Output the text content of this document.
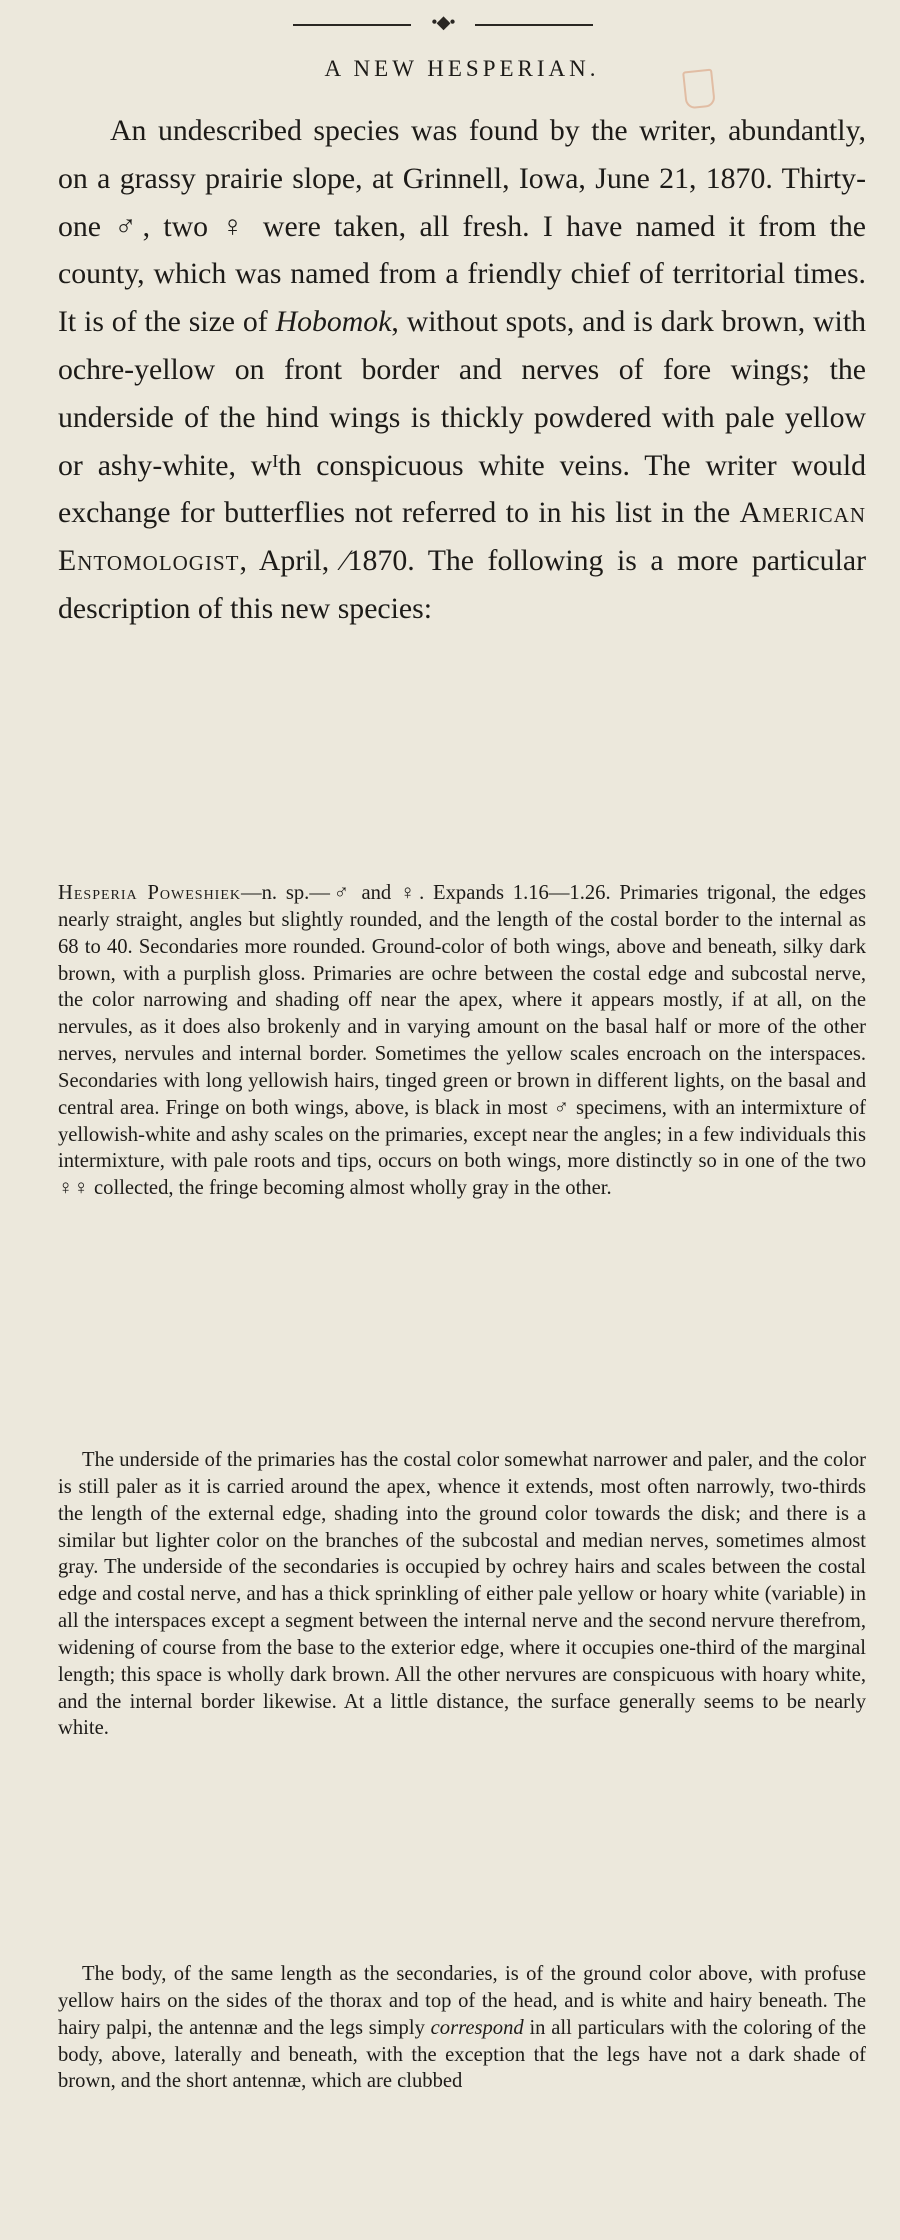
•◆•
A NEW HESPERIAN.

An undescribed species was found by the writer, abundantly, on a grassy prairie slope, at Grinnell, Iowa, June 21, 1870. Thirty-one ♂, two ♀ were taken, all fresh. I have named it from the county, which was named from a friendly chief of territorial times. It is of the size of Hobomok, without spots, and is dark brown, with ochre-yellow on front border and nerves of fore wings; the underside of the hind wings is thickly powdered with pale yellow or ashy-white, wᴵth conspicuous white veins. The writer would exchange for butterflies not referred to in his list in the American Entomologist, April, ⁄1870. The following is a more particular description of this new species:

Hesperia Poweshiek—n. sp.—♂ and ♀. Expands 1.16—1.26. Primaries trigonal, the edges nearly straight, angles but slightly rounded, and the length of the costal border to the internal as 68 to 40. Secondaries more rounded. Ground-color of both wings, above and beneath, silky dark brown, with a purplish gloss. Primaries are ochre between the costal edge and subcostal nerve, the color narrowing and shading off near the apex, where it appears mostly, if at all, on the nervules, as it does also brokenly and in varying amount on the basal half or more of the other nerves, nervules and internal border. Sometimes the yellow scales encroach on the interspaces. Secondaries with long yellowish hairs, tinged green or brown in different lights, on the basal and central area. Fringe on both wings, above, is black in most ♂ specimens, with an intermixture of yellowish-white and ashy scales on the primaries, except near the angles; in a few individuals this intermixture, with pale roots and tips, occurs on both wings, more distinctly so in one of the two ♀♀ collected, the fringe becoming almost wholly gray in the other.

The underside of the primaries has the costal color somewhat narrower and paler, and the color is still paler as it is carried around the apex, whence it extends, most often narrowly, two-thirds the length of the external edge, shading into the ground color towards the disk; and there is a similar but lighter color on the branches of the subcostal and median nerves, sometimes almost gray. The underside of the secondaries is occupied by ochrey hairs and scales between the costal edge and costal nerve, and has a thick sprinkling of either pale yellow or hoary white (variable) in all the interspaces except a segment between the internal nerve and the second nervure therefrom, widening of course from the base to the exterior edge, where it occupies one-third of the marginal length; this space is wholly dark brown. All the other nervures are conspicuous with hoary white, and the internal border likewise. At a little distance, the surface generally seems to be nearly white.

The body, of the same length as the secondaries, is of the ground color above, with profuse yellow hairs on the sides of the thorax and top of the head, and is white and hairy beneath. The hairy palpi, the antennæ and the legs simply correspond in all particulars with the coloring of the body, above, laterally and beneath, with the exception that the legs have not a dark shade of brown, and the short antennæ, which are clubbed
